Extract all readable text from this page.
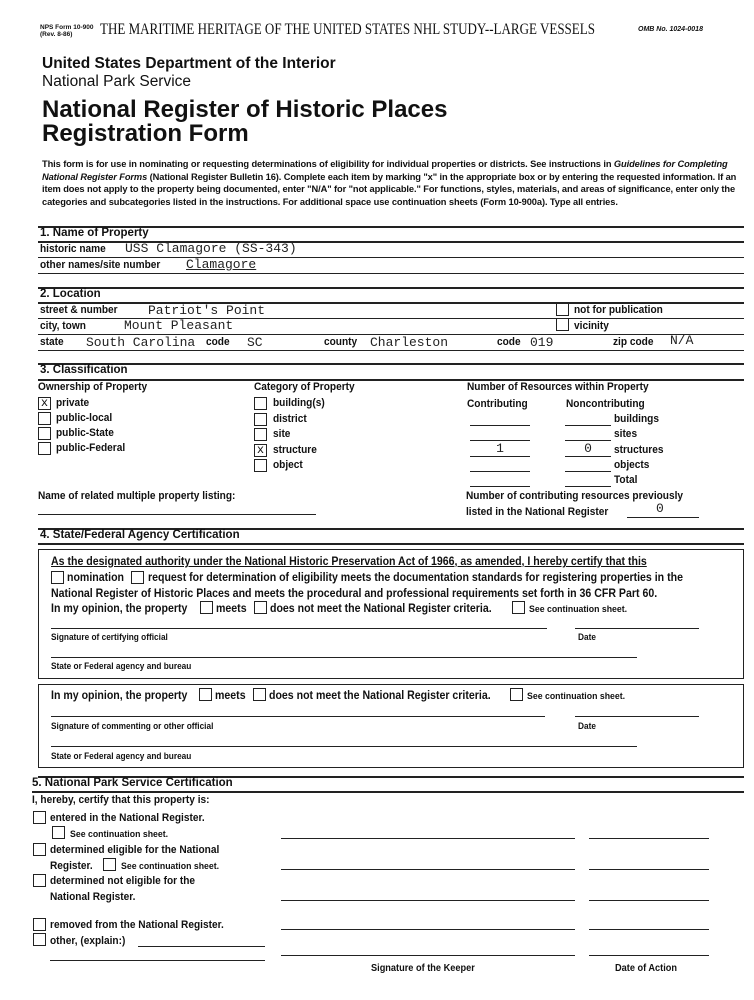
NPS Form 10-900
(Rev. 8-86)	THE MARITIME HERITAGE OF THE UNITED STATES NHL STUDY--LARGE VESSELS	OMB No. 1024-0018
United States Department of the Interior
National Park Service
National Register of Historic Places
Registration Form
This form is for use in nominating or requesting determinations of eligibility for individual properties or districts. See instructions in Guidelines for Completing National Register Forms (National Register Bulletin 16). Complete each item by marking "x" in the appropriate box or by entering the requested information. If an item does not apply to the property being documented, enter "N/A" for "not applicable." For functions, styles, materials, and areas of significance, enter only the categories and subcategories listed in the instructions. For additional space use continuation sheets (Form 10-900a). Type all entries.
1. Name of Property
historic name USS Clamagore (SS-343)
other names/site number Clamagore
2. Location
street & number Patriot's Point	not for publication
city, town	Mount Pleasant	vicinity
state South Carolina code SC	county Charleston	code 019	zip code N/A
3. Classification
Ownership of Property	Category of Property	Number of Resources within Property
Contributing	Noncontributing
x private
public-local
public-State
public-Federal
building(s)
district
site
x structure
object
buildings
sites
1	0	structures
objects
Total
Name of related multiple property listing:	Number of contributing resources previously
listed in the National Register	0
4. State/Federal Agency Certification
As the designated authority under the National Historic Preservation Act of 1966, as amended, I hereby certify that this
nomination request for determination of eligibility meets the documentation standards for registering properties in the
National Register of Historic Places and meets the procedural and professional requirements set forth in 36 CFR Part 60.
In my opinion, the property meets does not meet the National Register criteria.	See continuation sheet.
Signature of certifying official	Date
State or Federal agency and bureau
In my opinion, the property meets does not meet the National Register criteria.	See continuation sheet.
Signature of commenting or other official	Date
State or Federal agency and bureau
5. National Park Service Certification
I, hereby, certify that this property is:
entered in the National Register.
See continuation sheet.
determined eligible for the National
Register.	See continuation sheet.
determined not eligible for the
National Register.
removed from the National Register.
other, (explain:)
Signature of the Keeper	Date of Action
